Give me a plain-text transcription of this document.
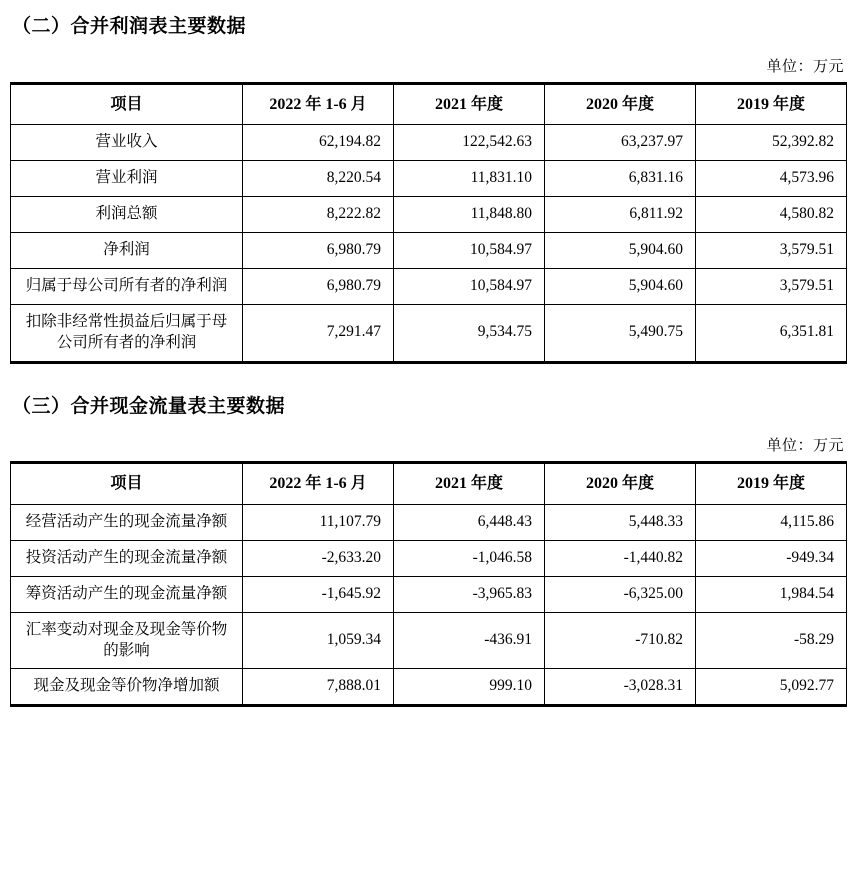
（二）合并利润表主要数据
单位：万元
项目	2022 年 1-6 月	2021 年度	2020 年度	2019 年度
营业收入	62,194.82	122,542.63	63,237.97	52,392.82
营业利润	8,220.54	11,831.10	6,831.16	4,573.96
利润总额	8,222.82	11,848.80	6,811.92	4,580.82
净利润	6,980.79	10,584.97	5,904.60	3,579.51
归属于母公司所有者的净利润	6,980.79	10,584.97	5,904.60	3,579.51
扣除非经常性损益后归属于母公司所有者的净利润	7,291.47	9,534.75	5,490.75	6,351.81
（三）合并现金流量表主要数据
单位：万元
项目	2022 年 1-6 月	2021 年度	2020 年度	2019 年度
经营活动产生的现金流量净额	11,107.79	6,448.43	5,448.33	4,115.86
投资活动产生的现金流量净额	-2,633.20	-1,046.58	-1,440.82	-949.34
筹资活动产生的现金流量净额	-1,645.92	-3,965.83	-6,325.00	1,984.54
汇率变动对现金及现金等价物的影响	1,059.34	-436.91	-710.82	-58.29
现金及现金等价物净增加额	7,888.01	999.10	-3,028.31	5,092.77
